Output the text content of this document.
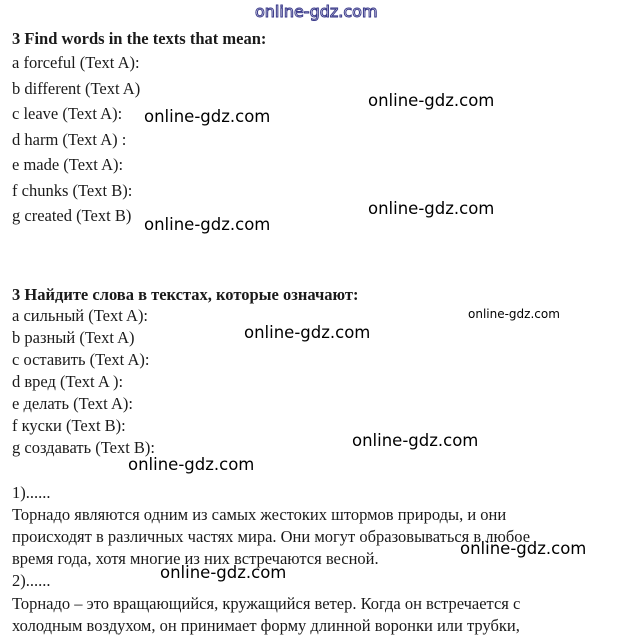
online-gdz.com
3 Find words in the texts that mean:
a forceful (Text A):
b different (Text A)
c leave (Text A):
d harm (Text A) :
e made (Text A):
f chunks (Text B):
g created (Text B)
3 Найдите слова в текстах, которые означают:
а сильный (Text A):
b разный (Text A)
с оставить (Text A):
d вред (Text A ):
е делать (Text A):
f куски (Text B):
g создавать (Text B):
1)......
Торнадо являются одним из самых жестоких штормов природы, и они
происходят в различных частях мира. Они могут образовываться в любое
время года, хотя многие из них встречаются весной.
2)......
Торнадо – это вращающийся, кружащийся ветер. Когда он встречается с
холодным воздухом, он принимает форму длинной воронки или трубки,
online-gdz.com
online-gdz.com
online-gdz.com
online-gdz.com
online-gdz.com
online-gdz.com
online-gdz.com
online-gdz.com
online-gdz.com
online-gdz.com
